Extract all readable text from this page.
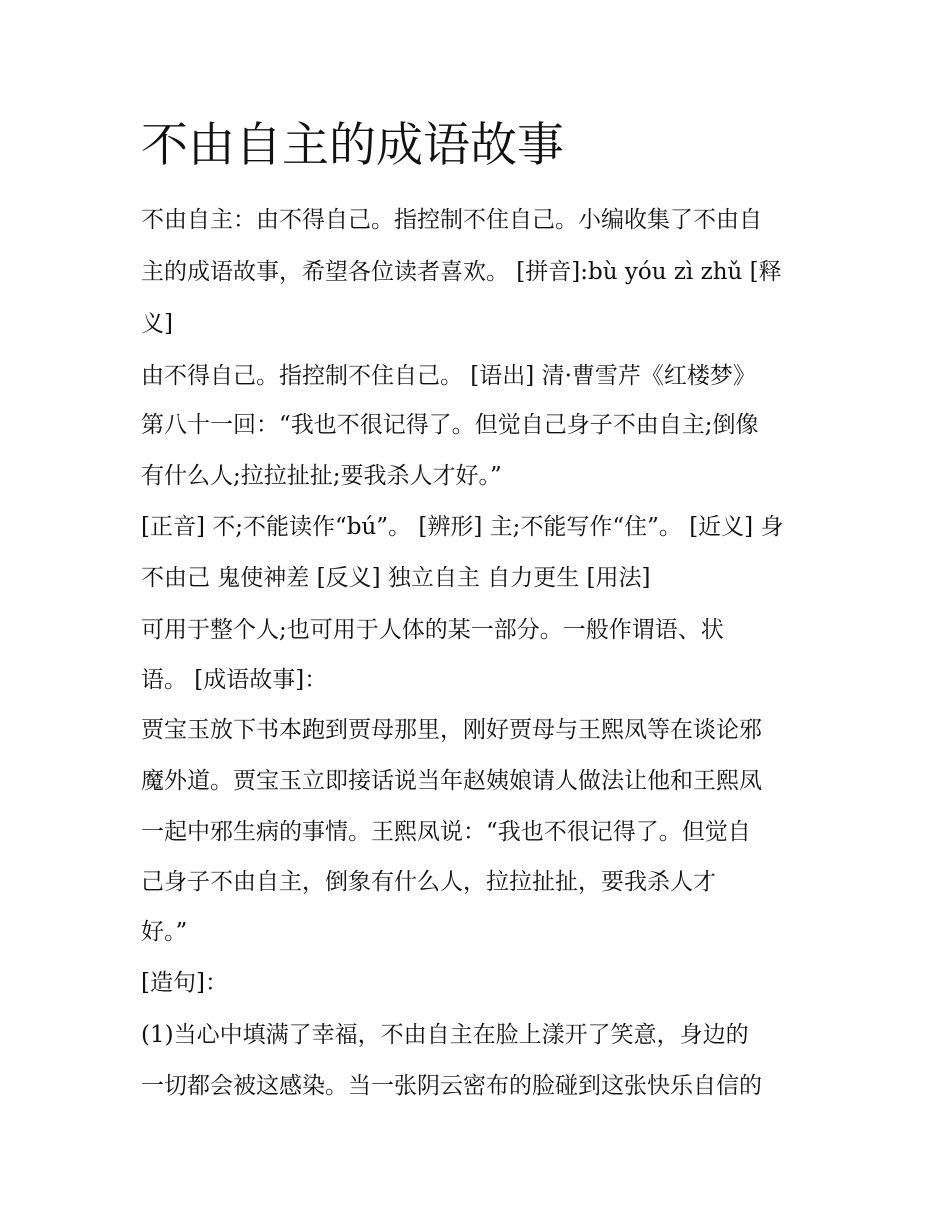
不由自主的成语故事

不由自主：由不得自己。指控制不住自己。小编收集了不由自

主的成语故事，希望各位读者喜欢。 [拼音]:bù yóu zì zhǔ [释

义]

由不得自己。指控制不住自己。 [语出] 清·曹雪芹《红楼梦》

第八十一回：“我也不很记得了。但觉自己身子不由自主;倒像

有什么人;拉拉扯扯;要我杀人才好。”

[正音] 不;不能读作“bú”。 [辨形] 主;不能写作“住”。 [近义] 身

不由己 鬼使神差 [反义] 独立自主 自力更生 [用法]

可用于整个人;也可用于人体的某一部分。一般作谓语、状

语。 [成语故事]：

贾宝玉放下书本跑到贾母那里，刚好贾母与王熙凤等在谈论邪

魔外道。贾宝玉立即接话说当年赵姨娘请人做法让他和王熙凤

一起中邪生病的事情。王熙凤说：“我也不很记得了。但觉自

己身子不由自主，倒象有什么人，拉拉扯扯，要我杀人才

好。”

[造句]：

(1)当心中填满了幸福，不由自主在脸上漾开了笑意，身边的

一切都会被这感染。当一张阴云密布的脸碰到这张快乐自信的
